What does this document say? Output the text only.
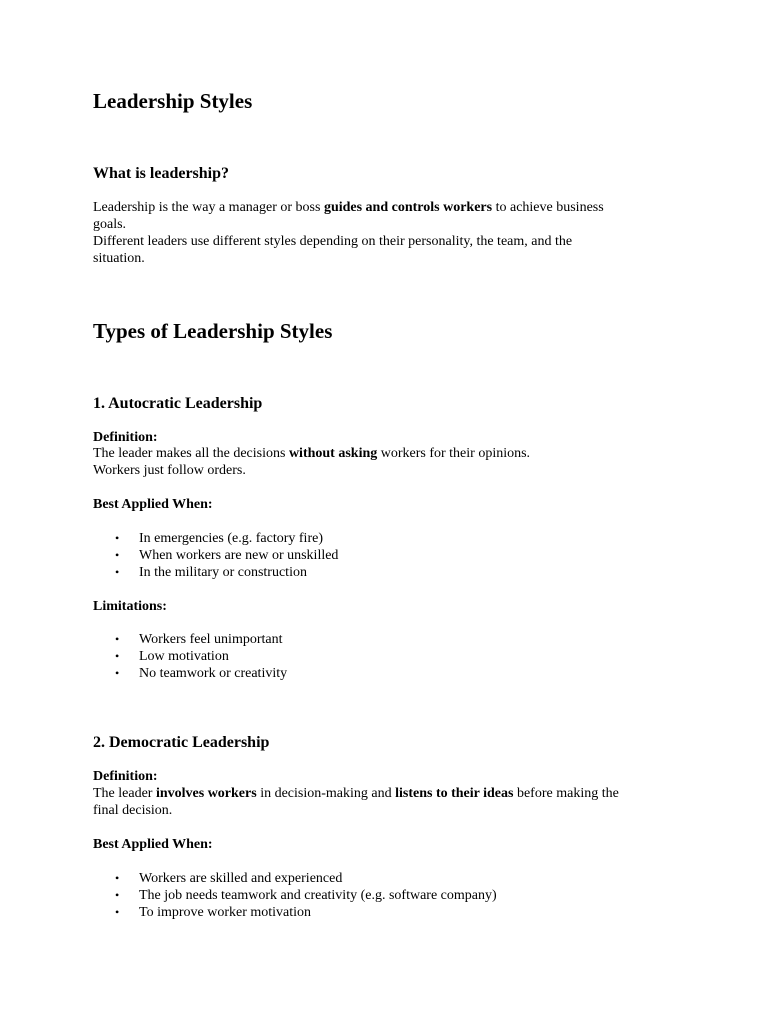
Leadership Styles
What is leadership?
Leadership is the way a manager or boss guides and controls workers to achieve business
goals.
Different leaders use different styles depending on their personality, the team, and the
situation.
Types of Leadership Styles
1. Autocratic Leadership
Definition:
The leader makes all the decisions without asking workers for their opinions.
Workers just follow orders.
Best Applied When:
• In emergencies (e.g. factory fire)
• When workers are new or unskilled
• In the military or construction
Limitations:
• Workers feel unimportant
• Low motivation
• No teamwork or creativity
2. Democratic Leadership
Definition:
The leader involves workers in decision-making and listens to their ideas before making the
final decision.
Best Applied When:
• Workers are skilled and experienced
• The job needs teamwork and creativity (e.g. software company)
• To improve worker motivation
